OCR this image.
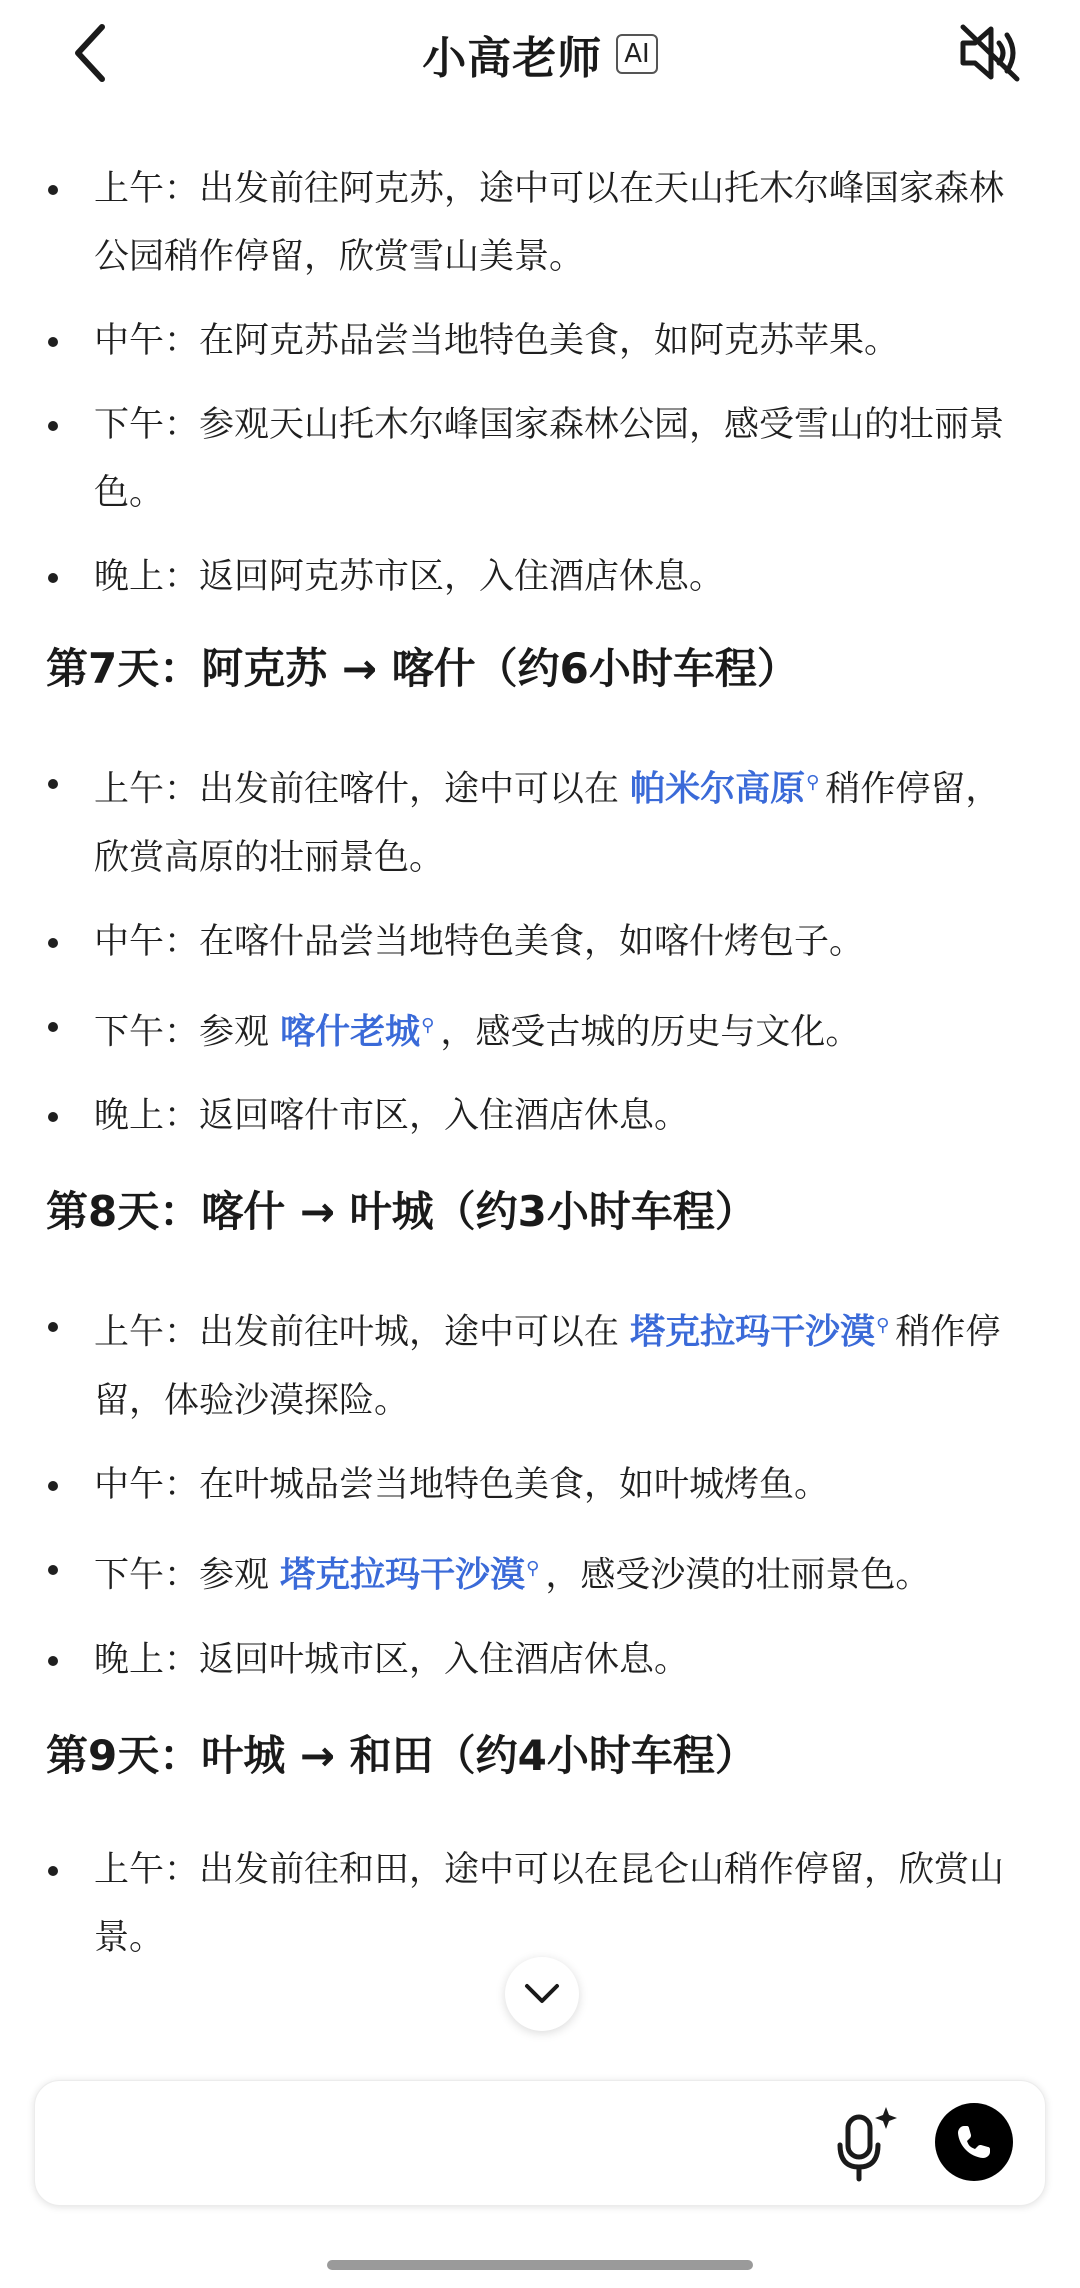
小高老师 AI
上午：出发前往阿克苏，途中可以在天山托木尔峰国家森林公园稍作停留，欣赏雪山美景。
中午：在阿克苏品尝当地特色美食，如阿克苏苹果。
下午：参观天山托木尔峰国家森林公园，感受雪山的壮丽景色。
晚上：返回阿克苏市区，入住酒店休息。
第7天：阿克苏 → 喀什（约6小时车程）
上午：出发前往喀什，途中可以在 帕米尔高原⚲ 稍作停留，欣赏高原的壮丽景色。
中午：在喀什品尝当地特色美食，如喀什烤包子。
下午：参观 喀什老城⚲ ，感受古城的历史与文化。
晚上：返回喀什市区，入住酒店休息。
第8天：喀什 → 叶城（约3小时车程）
上午：出发前往叶城，途中可以在 塔克拉玛干沙漠⚲ 稍作停留，体验沙漠探险。
中午：在叶城品尝当地特色美食，如叶城烤鱼。
下午：参观 塔克拉玛干沙漠⚲ ，感受沙漠的壮丽景色。
晚上：返回叶城市区，入住酒店休息。
第9天：叶城 → 和田（约4小时车程）
上午：出发前往和田，途中可以在昆仑山稍作停留，欣赏山景。
